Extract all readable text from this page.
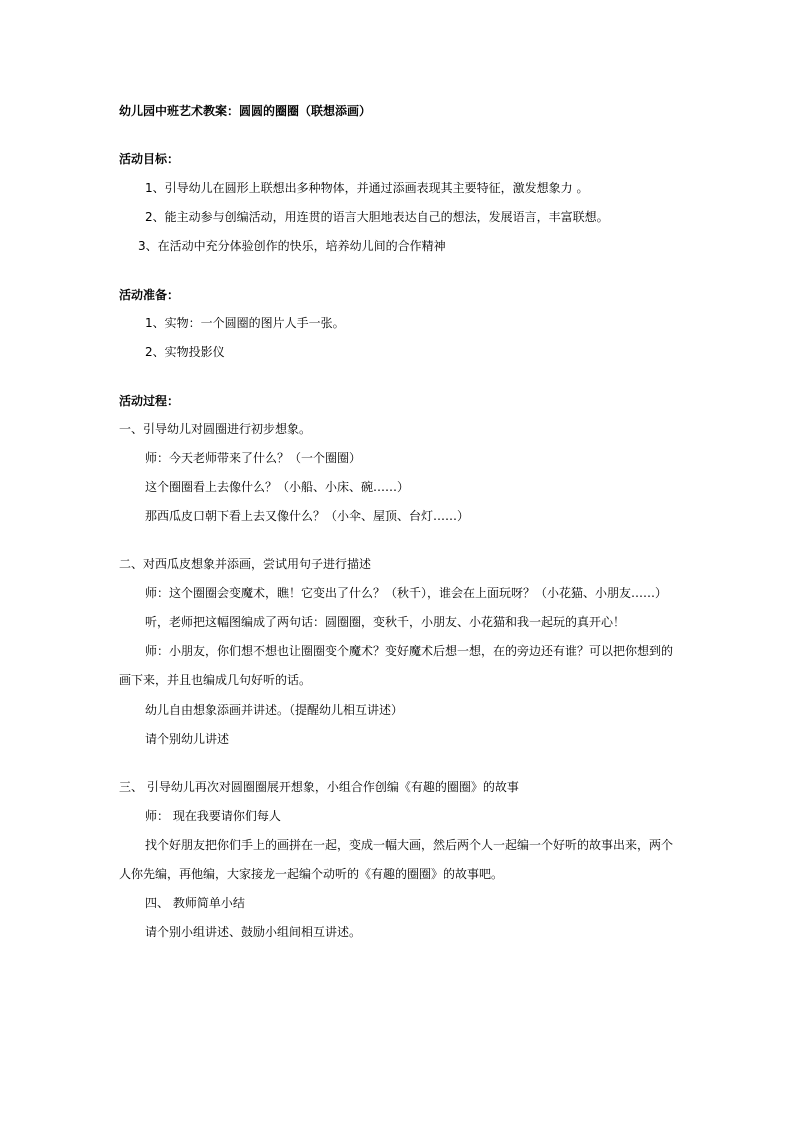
幼儿园中班艺术教案：圆圆的圈圈（联想添画）
活动目标：
1、引导幼儿在圆形上联想出多种物体，并通过添画表现其主要特征，激发想象力 。
2、能主动参与创编活动，用连贯的语言大胆地表达自己的想法，发展语言，丰富联想。
3、在活动中充分体验创作的快乐，培养幼儿间的合作精神
活动准备：
1、实物：一个圆圈的图片人手一张。
2、实物投影仪
活动过程：
一、引导幼儿对圆圈进行初步想象。
师：今天老师带来了什么？（一个圈圈）
这个圈圈看上去像什么？（小船、小床、碗……）
那西瓜皮口朝下看上去又像什么？（小伞、屋顶、台灯……）
二、对西瓜皮想象并添画，尝试用句子进行描述
师：这个圈圈会变魔术，瞧！它变出了什么？（秋千），谁会在上面玩呀？（小花猫、小朋友……）
听，老师把这幅图编成了两句话：圆圈圈，变秋千，小朋友、小花猫和我一起玩的真开心！
师：小朋友，你们想不想也让圈圈变个魔术？变好魔术后想一想，在的旁边还有谁？可以把你想到的
画下来，并且也编成几句好听的话。
幼儿自由想象添画并讲述。（提醒幼儿相互讲述）
请个别幼儿讲述
三、 引导幼儿再次对圆圈圈展开想象，小组合作创编《有趣的圈圈》的故事
师： 现在我要请你们每人
找个好朋友把你们手上的画拼在一起，变成一幅大画，然后两个人一起编一个好听的故事出来，两个
人你先编，再他编，大家接龙一起编个动听的《有趣的圈圈》的故事吧。
四、 教师简单小结
请个别小组讲述、鼓励小组间相互讲述。
